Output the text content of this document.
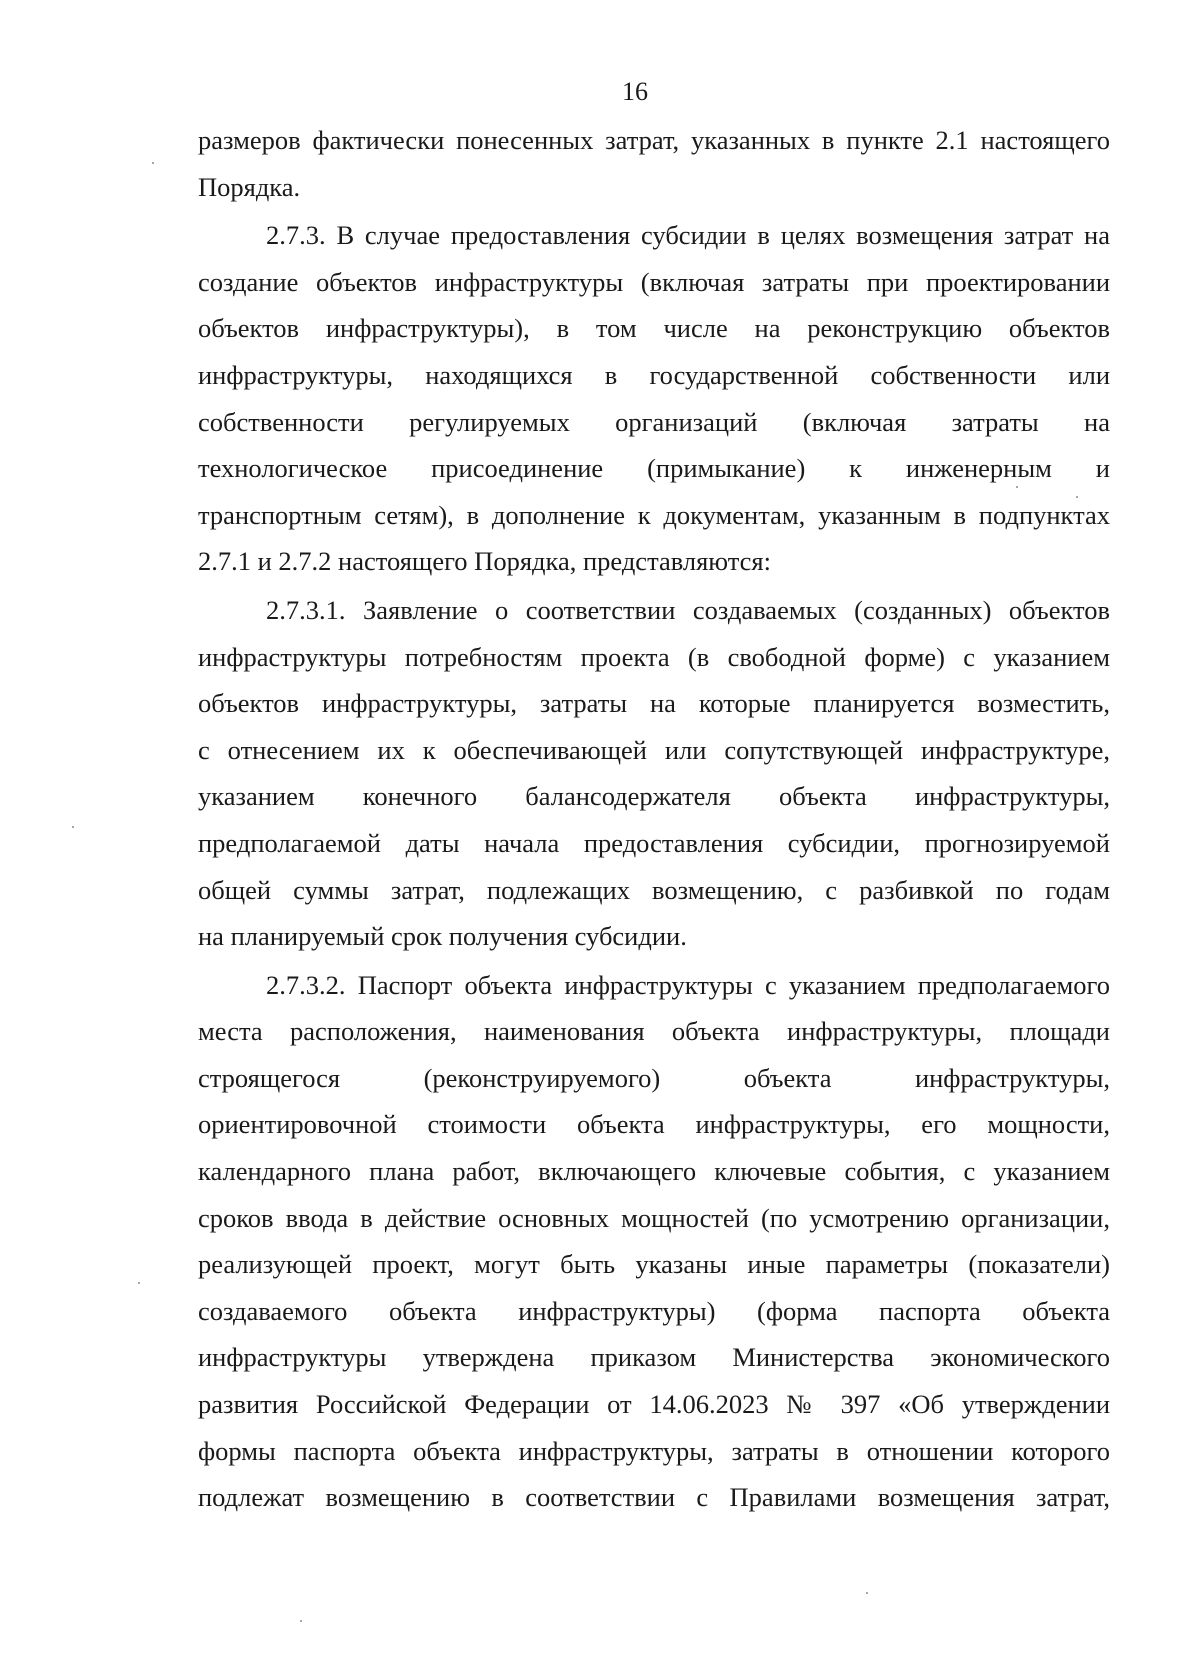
16
размеров фактически понесенных затрат, указанных в пункте 2.1 настоящего
Порядка.
2.7.3. В случае предоставления субсидии в целях возмещения затрат на
создание объектов инфраструктуры (включая затраты при проектировании
объектов инфраструктуры), в том числе на реконструкцию объектов
инфраструктуры, находящихся в государственной собственности или
собственности регулируемых организаций (включая затраты на
технологическое присоединение (примыкание) к инженерным и
транспортным сетям), в дополнение к документам, указанным в подпунктах
2.7.1 и 2.7.2 настоящего Порядка, представляются:
2.7.3.1. Заявление о соответствии создаваемых (созданных) объектов
инфраструктуры потребностям проекта (в свободной форме) с указанием
объектов инфраструктуры, затраты на которые планируется возместить,
с отнесением их к обеспечивающей или сопутствующей инфраструктуре,
указанием конечного балансодержателя объекта инфраструктуры,
предполагаемой даты начала предоставления субсидии, прогнозируемой
общей суммы затрат, подлежащих возмещению, с разбивкой по годам
на планируемый срок получения субсидии.
2.7.3.2. Паспорт объекта инфраструктуры с указанием предполагаемого
места расположения, наименования объекта инфраструктуры, площади
строящегося (реконструируемого) объекта инфраструктуры,
ориентировочной стоимости объекта инфраструктуры, его мощности,
календарного плана работ, включающего ключевые события, с указанием
сроков ввода в действие основных мощностей (по усмотрению организации,
реализующей проект, могут быть указаны иные параметры (показатели)
создаваемого объекта инфраструктуры) (форма паспорта объекта
инфраструктуры утверждена приказом Министерства экономического
развития Российской Федерации от 14.06.2023 № 397 «Об утверждении
формы паспорта объекта инфраструктуры, затраты в отношении которого
подлежат возмещению в соответствии с Правилами возмещения затрат,
